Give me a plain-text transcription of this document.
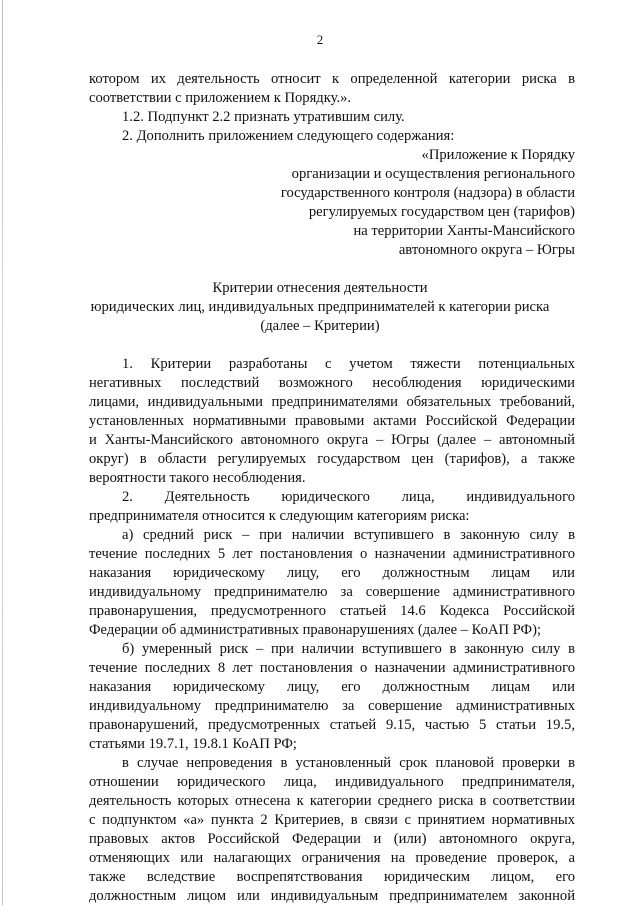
2
котором их деятельность относит к определенной категории риска в
соответствии с приложением к Порядку.».
1.2. Подпункт 2.2 признать утратившим силу.
2. Дополнить приложением следующего содержания:
«Приложение к Порядку
организации и осуществления регионального
государственного контроля (надзора) в области
регулируемых государством цен (тарифов)
на территории Ханты-Мансийского
автономного округа – Югры
Критерии отнесения деятельности
юридических лиц, индивидуальных предпринимателей к категории риска
(далее – Критерии)
1. Критерии разработаны с учетом тяжести потенциальных
негативных последствий возможного несоблюдения юридическими
лицами, индивидуальными предпринимателями обязательных требований,
установленных нормативными правовыми актами Российской Федерации
и Ханты-Мансийского автономного округа – Югры (далее – автономный
округ) в области регулируемых государством цен (тарифов), а также
вероятности такого несоблюдения.
2. Деятельность юридического лица, индивидуального
предпринимателя относится к следующим категориям риска:
а) средний риск – при наличии вступившего в законную силу в
течение последних 5 лет постановления о назначении административного
наказания юридическому лицу, его должностным лицам или
индивидуальному предпринимателю за совершение административного
правонарушения, предусмотренного статьей 14.6 Кодекса Российской
Федерации об административных правонарушениях (далее – КоАП РФ);
б) умеренный риск – при наличии вступившего в законную силу в
течение последних 8 лет постановления о назначении административного
наказания юридическому лицу, его должностным лицам или
индивидуальному предпринимателю за совершение административных
правонарушений, предусмотренных статьей 9.15, частью 5 статьи 19.5,
статьями 19.7.1, 19.8.1 КоАП РФ;
в случае непроведения в установленный срок плановой проверки в
отношении юридического лица, индивидуального предпринимателя,
деятельность которых отнесена к категории среднего риска в соответствии
с подпунктом «а» пункта 2 Критериев, в связи с принятием нормативных
правовых актов Российской Федерации и (или) автономного округа,
отменяющих или налагающих ограничения на проведение проверок, а
также вследствие воспрепятствования юридическим лицом, его
должностным лицом или индивидуальным предпринимателем законной
